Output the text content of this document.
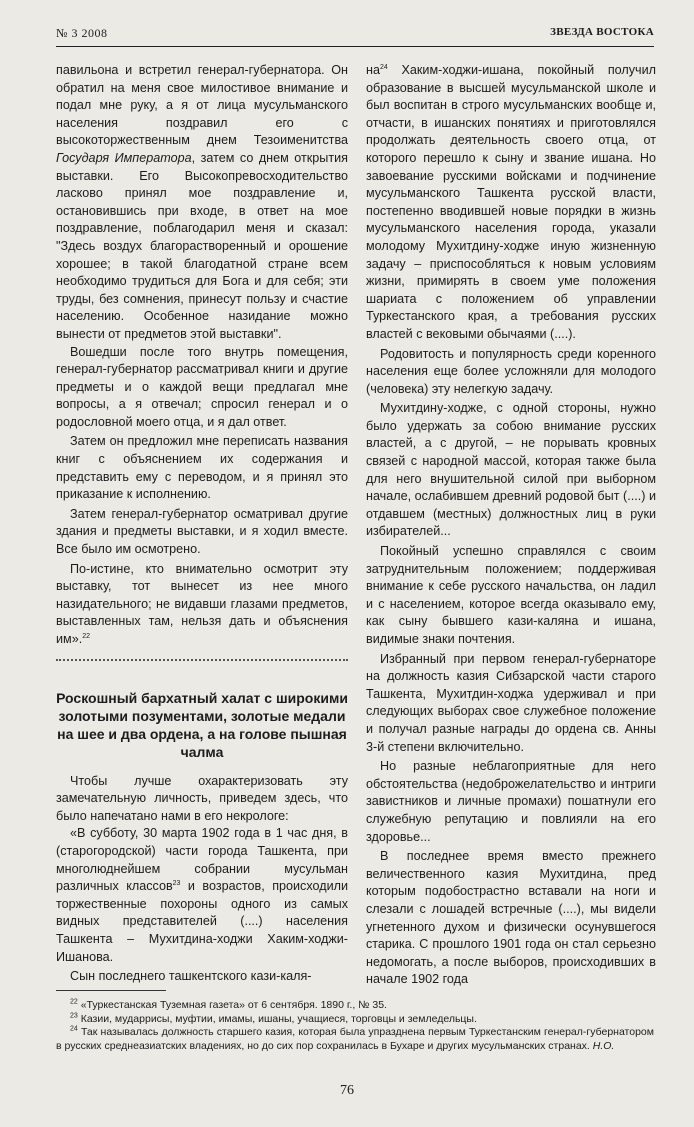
№ 3 2008	ЗВЕЗДА ВОСТОКА

павильона и встретил генерал-губернатора. Он обратил на меня свое милостивое внимание и подал мне руку, а я от лица мусульманского населения поздравил его с высокоторжественным днем Тезоименитства Государя Императора, затем со днем открытия выставки. Его Высокопревосходительство ласково принял мое поздравление и, остановившись при входе, в ответ на мое поздравление, поблагодарил меня и сказал: "Здесь воздух благорастворенный и орошение хорошее; в такой благодатной стране всем необходимо трудиться для Бога и для себя; эти труды, без сомнения, принесут пользу и счастие населению. Особенное назидание можно вынести от предметов этой выставки".

Вошедши после того внутрь помещения, генерал-губернатор рассматривал книги и другие предметы и о каждой вещи предлагал мне вопросы, а я отвечал; спросил генерал и о родословной моего отца, и я дал ответ.

Затем он предложил мне переписать названия книг с объяснением их содержания и представить ему с переводом, и я принял это приказание к исполнению.

Затем генерал-губернатор осматривал другие здания и предметы выставки, и я ходил вместе. Все было им осмотрено.

По-истине, кто внимательно осмотрит эту выставку, тот вынесет из нее много назидательного; не видавши глазами предметов, выставленных там, нельзя дать и объяснения им».$^{22}$

Роскошный бархатный халат с широкими золотыми позументами, золотые медали на шее и два ордена, а на голове пышная чалма

Чтобы лучше охарактеризовать эту замечательную личность, приведем здесь, что было напечатано нами в его некрологе:

«В субботу, 30 марта 1902 года в 1 час дня, в (старогородской) части города Ташкента, при многолюднейшем собрании мусульман различных классов$^{23}$ и возрастов, происходили торжественные похороны одного из самых видных представителей (....) населения Ташкента – Мухитдина-ходжи Хаким-ходжи-Ишанова.

Сын последнего ташкентского кази-каля-

$на^{24}$ Хаким-ходжи-ишана, покойный получил образование в высшей мусульманской школе и был воспитан в строго мусульманских вообще и, отчасти, в ишанских понятиях и приготовлялся продолжать деятельность своего отца, от которого перешло к сыну и звание ишана. Но завоевание русскими войсками и подчинение мусульманского Ташкента русской власти, постепенно вводившей новые порядки в жизнь мусульманского населения города, указали молодому Мухитдину-ходже иную жизненную задачу – приспособляться к новым условиям жизни, примирять в своем уме положения шариата с положением об управлении Туркестанского края, а требования русских властей с вековыми обычаями (....).

Родовитость и популярность среди коренного населения еще более усложняли для молодого (человека) эту нелегкую задачу.

Мухитдину-ходже, с одной стороны, нужно было удержать за собою внимание русских властей, а с другой, – не порывать кровных связей с народной массой, которая также была для него внушительной силой при выборном начале, ослабившем древний родовой быт (....) и отдавшем (местных) должностных лиц в руки избирателей...

Покойный успешно справлялся с своим затруднительным положением; поддерживая внимание к себе русского начальства, он ладил и с населением, которое всегда оказывало ему, как сыну бывшего кази-каляна и ишана, видимые знаки почтения.

Избранный при первом генерал-губернаторе на должность казия Сибзарской части старого Ташкента, Мухитдин-ходжа удерживал и при следующих выборах свое служебное положение и получал разные награды до ордена св. Анны 3-й степени включительно.

Но разные неблагоприятные для него обстоятельства (недоброжелательство и интриги завистников и личные промахи) пошатнули его служебную репутацию и повлияли на его здоровье...

В последнее время вместо прежнего величественного казия Мухитдина, пред которым подобострастно вставали на ноги и слезали с лошадей встречные (....), мы видели угнетенного духом и физически осунувшегося старика. С прошлого 1901 года он стал серьезно недомогать, а после выборов, происходивших в начале 1902 года

$^{22}$ «Туркестанская Туземная газета» от 6 сентября. 1890 г., № 35.

$^{23}$ Казии, мударрисы, муфтии, имамы, ишаны, учащиеся, торговцы и земледельцы.

$^{24}$ Так называлась должность старшего казия, которая была упразднена первым Туркестанским генерал-губернатором в русских среднеазиатских владениях, но до сих пор сохранилась в Бухаре и других мусульманских странах. Н.О.

76
